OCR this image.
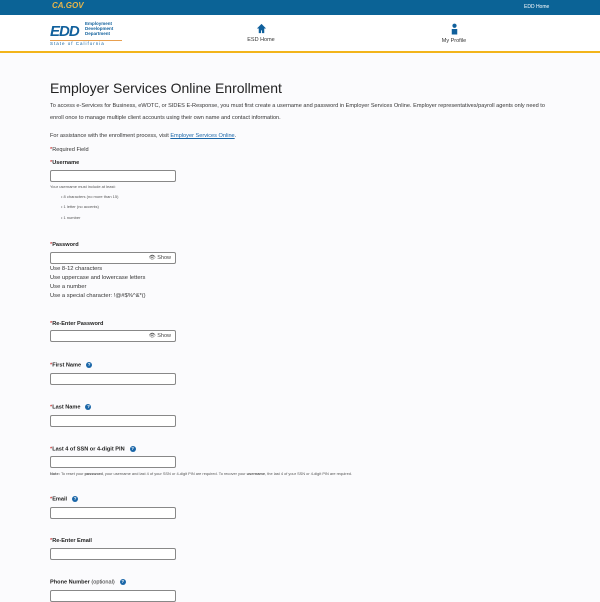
CA.GOV	EDD Home
EDD Employment
Development
Department
State of California
ESD Home	My Profile
Employer Services Online Enrollment
To access e-Services for Business, eWOTC, or SIDES E-Response, you must first create a username and password in Employer Services Online. Employer representatives/payroll agents only need to enroll once to manage multiple client accounts using their own name and contact information.
For assistance with the enrollment process, visit Employer Services Online.
*Required Field
*Username
Your username must include at least:
• 8 characters (no more than 15)
• 1 letter (no accents)
• 1 number
*Password
👁 Show
Use 8-12 characters
Use uppercase and lowercase letters
Use a number
Use a special character: !@#$%^&*()
*Re-Enter Password
👁 Show
*First Name ?
*Last Name ?
*Last 4 of SSN or 4-digit PIN ?
Note: To reset your password, your username and last 4 of your SSN or 4-digit PIN are required. To recover your username, the last 4 of your SSN or 4-digit PIN are required.
*Email ?
*Re-Enter Email
Phone Number (optional) ?
